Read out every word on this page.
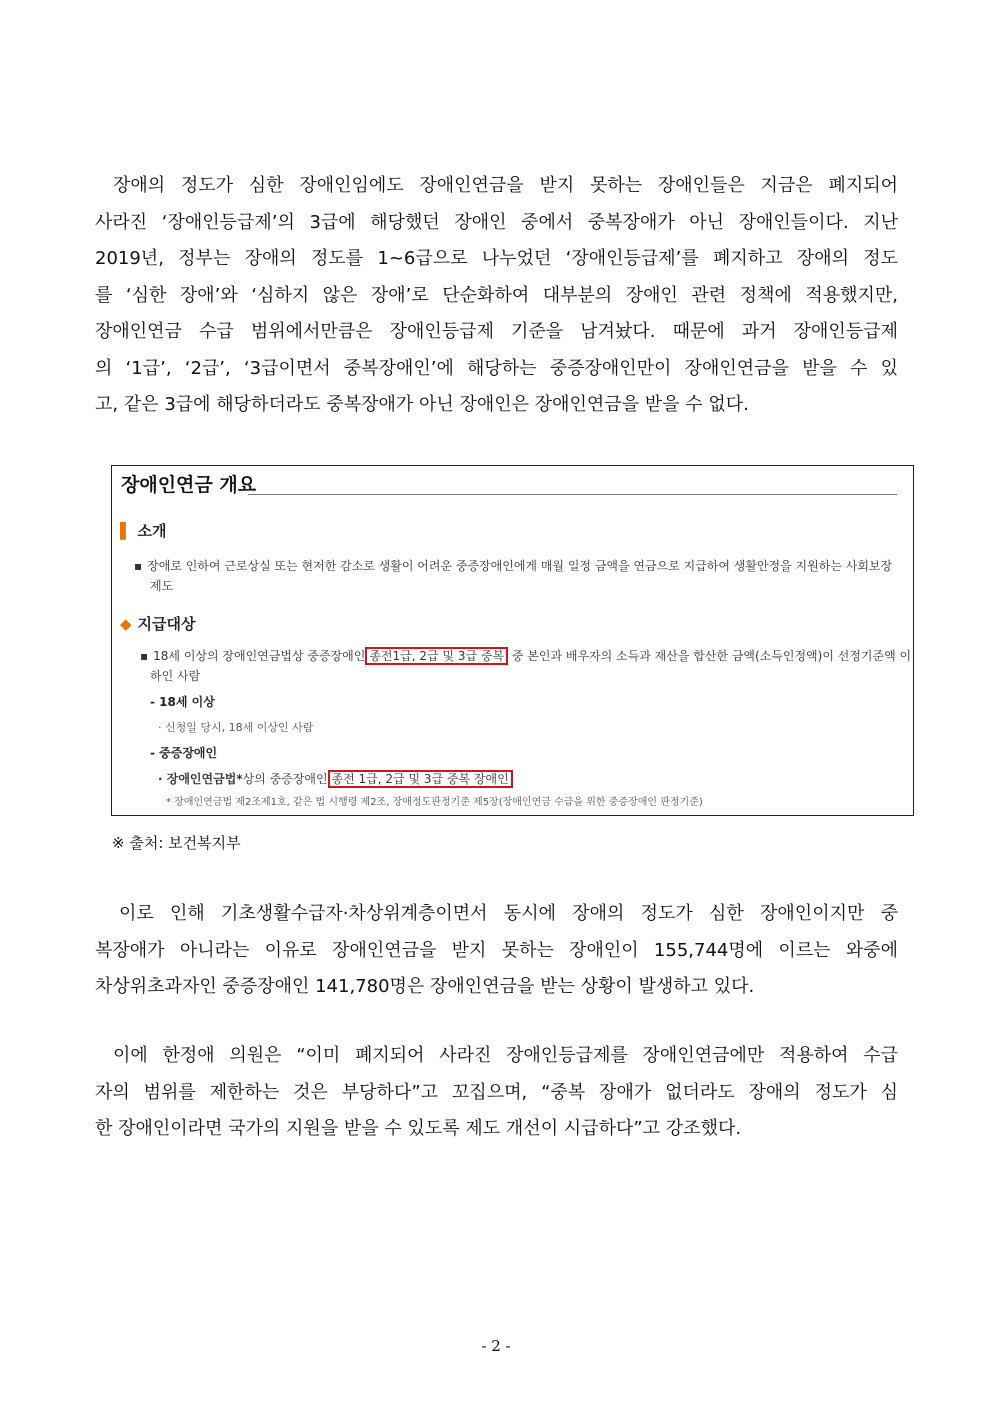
장애의 정도가 심한 장애인임에도 장애인연금을 받지 못하는 장애인들은 지금은 폐지되어
사라진 ‘장애인등급제’의 3급에 해당했던 장애인 중에서 중복장애가 아닌 장애인들이다. 지난
2019년, 정부는 장애의 정도를 1~6급으로 나누었던 ‘장애인등급제’를 폐지하고 장애의 정도
를 ‘심한 장애’와 ‘심하지 않은 장애’로 단순화하여 대부분의 장애인 관련 정책에 적용했지만,
장애인연금 수급 범위에서만큼은 장애인등급제 기준을 남겨놨다. 때문에 과거 장애인등급제
의 ‘1급’, ‘2급’, ‘3급이면서 중복장애인’에 해당하는 중증장애인만이 장애인연금을 받을 수 있
고, 같은 3급에 해당하더라도 중복장애가 아닌 장애인은 장애인연금을 받을 수 없다.
장애인연금 개요
▌ 소개
▪ 장애로 인하여 근로상실 또는 현저한 감소로 생활이 어려운 중증장애인에게 매월 일정 금액을 연금으로 지급하여 생활안정을 지원하는 사회보장
제도
◆ 지급대상
▪ 18세 이상의 장애인연금법상 중증장애인 종전1급, 2급 및 3급 중복 중 본인과 배우자의 소득과 재산을 합산한 금액(소득인정액)이 선정기준액 이
하인 사람
- 18세 이상
· 신청일 당시, 18세 이상인 사람
- 중증장애인
· 장애인연금법*상의 중증장애인 종전 1급, 2급 및 3급 중복 장애인
* 장애인연금법 제2조제1호, 같은 법 시행령 제2조, 장애정도판정기준 제5장(장애인연금 수급을 위한 중증장애인 판정기준)
※ 출처: 보건복지부
이로 인해 기초생활수급자·차상위계층이면서 동시에 장애의 정도가 심한 장애인이지만 중
복장애가 아니라는 이유로 장애인연금을 받지 못하는 장애인이 155,744명에 이르는 와중에
차상위초과자인 중증장애인 141,780명은 장애인연금을 받는 상황이 발생하고 있다.
이에 한정애 의원은 “이미 폐지되어 사라진 장애인등급제를 장애인연금에만 적용하여 수급
자의 범위를 제한하는 것은 부당하다”고 꼬집으며, “중복 장애가 없더라도 장애의 정도가 심
한 장애인이라면 국가의 지원을 받을 수 있도록 제도 개선이 시급하다”고 강조했다.
- 2 -
